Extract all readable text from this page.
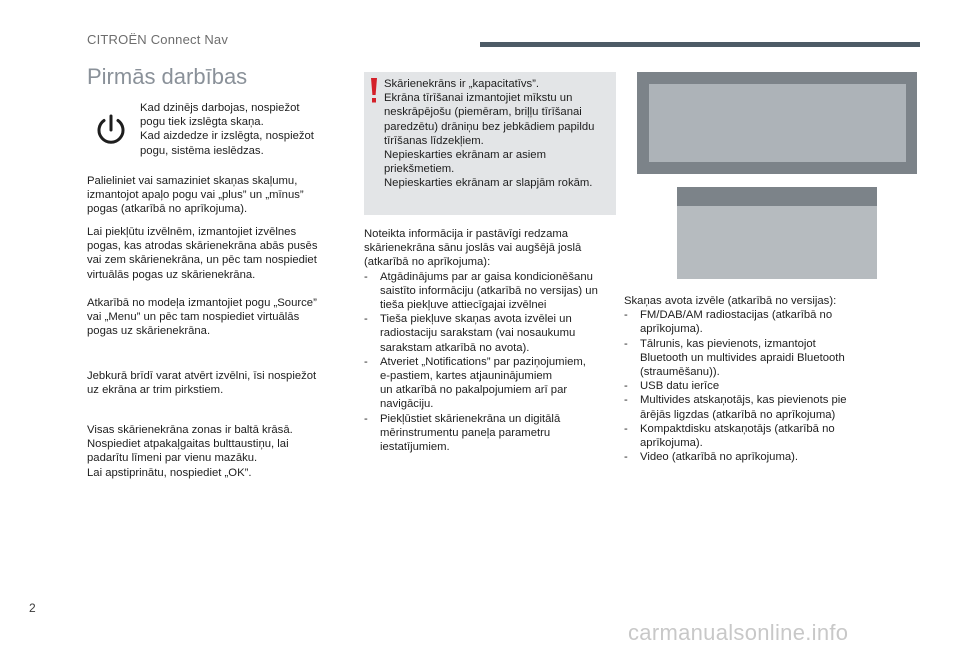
CITROËN Connect Nav
Pirmās darbības
Kad dzinējs darbojas, nospiežot
pogu tiek izslēgta skaņa.
Kad aizdedze ir izslēgta, nospiežot
pogu, sistēma ieslēdzas.
Palieliniet vai samaziniet skaņas skaļumu,
izmantojot apaļo pogu vai „plus” un „mīnus”
pogas (atkarībā no aprīkojuma).
Lai piekļūtu izvēlnēm, izmantojiet izvēlnes
pogas, kas atrodas skārienekrāna abās pusēs
vai zem skārienekrāna, un pēc tam nospiediet
virtuālās pogas uz skārienekrāna.
Atkarībā no modeļa izmantojiet pogu „Source”
vai „Menu” un pēc tam nospiediet virtuālās
pogas uz skārienekrāna.
Jebkurā brīdī varat atvērt izvēlni, īsi nospiežot
uz ekrāna ar trim pirkstiem.
Visas skārienekrāna zonas ir baltā krāsā.
Nospiediet atpakaļgaitas bulttaustiņu, lai
padarītu līmeni par vienu mazāku.
Lai apstiprinātu, nospiediet „OK”.
Skārienekrāns ir „kapacitatīvs”.
Ekrāna tīrīšanai izmantojiet mīkstu un
neskrāpējošu (piemēram, briļļu tīrīšanai
paredzētu) drāniņu bez jebkādiem papildu
tīrīšanas līdzekļiem.
Nepieskarties ekrānam ar asiem
priekšmetiem.
Nepieskarties ekrānam ar slapjām rokām.
Noteikta informācija ir pastāvīgi redzama
skārienekrāna sānu joslās vai augšējā joslā
(atkarībā no aprīkojuma):
- Atgādinājums par ar gaisa kondicionēšanu
saistīto informāciju (atkarībā no versijas) un
tieša piekļuve attiecīgajai izvēlnei
- Tieša piekļuve skaņas avota izvēlei un
radiostaciju sarakstam (vai nosaukumu
sarakstam atkarībā no avota).
- Atveriet „Notifications” par paziņojumiem,
e-pastiem, kartes atjauninājumiem
un atkarībā no pakalpojumiem arī par
navigāciju.
- Piekļūstiet skārienekrāna un digitālā
mērinstrumentu paneļa parametru
iestatījumiem.
Skaņas avota izvēle (atkarībā no versijas):
- FM/DAB/AM radiostacijas (atkarībā no
aprīkojuma).
- Tālrunis, kas pievienots, izmantojot
Bluetooth un multivides apraidi Bluetooth
(straumēšanu)).
- USB datu ierīce
- Multivides atskaņotājs, kas pievienots pie
ārējās ligzdas (atkarībā no aprīkojuma)
- Kompaktdisku atskaņotājs (atkarībā no
aprīkojuma).
- Video (atkarībā no aprīkojuma).
2
carmanualsonline.info
